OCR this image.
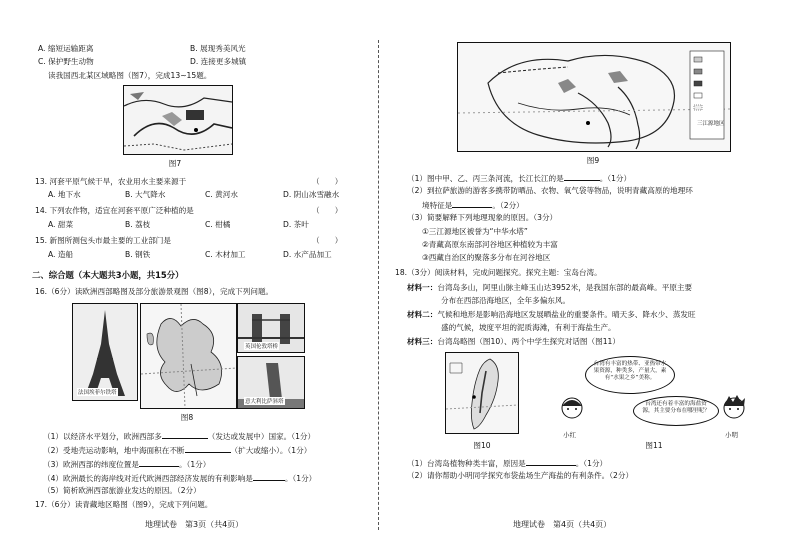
A. 缩短运输距离	B. 展现秀美风光
C. 保护野生动物	D. 连接更多城镇
读我国西北某区域略图（图7），完成13~15题。
图7
13. 河套平原气候干旱，农业用水主要来源于	（　　）
A. 地下水	B. 大气降水	C. 黄河水	D. 阴山冰雪融水
14. 下列农作物，适宜在河套平原广泛种植的是	（　　）
A. 甜菜	B. 荔枝	C. 柑橘	D. 茶叶
15. 新图所测包头市最主要的工业部门是	（　　）
A. 造船	B. 钢铁	C. 木材加工	D. 水产品加工
二、综合题（本大题共3小题，共15分）
16.（6分）读欧洲西部略图及部分旅游景观图（图8），完成下列问题。
法国埃菲尔铁塔
英国伦敦塔桥
意大利比萨斜塔
图8
（1）以经济水平划分，欧洲西部多	（发达或发展中）国家。（1分）
（2）受地壳运动影响，地中海面积在不断	（扩大或缩小）。（1分）
（3）欧洲西部的纬度位置是	。（1分）
（4）欧洲最长的海岸线对近代欧洲西部经济发展的有利影响是	。（1分）
（5）简析欧洲西部旅游业发达的原因。（2分）
17.（6分）读青藏地区略图（图9），完成下列问题。
地理试卷　第3页（共4页）
三江源地区
图9
（1）图中甲、乙、丙三条河流，长江长江的是	。（1分）
（2）到拉萨旅游的游客多携带防晒品、衣物、氧气袋等物品，说明青藏高原的地理环
境特征是	。（2分）
（3）简要解释下列地理现象的原因。（3分）
①三江源地区被誉为“中华水塔”
②青藏高原东南部河谷地区种植较为丰富
③西藏自治区的聚落多分布在河谷地区
18.（3分）阅读材料，完成问题探究。探究主题：宝岛台湾。
材料一：台湾岛多山，阿里山脉主峰玉山达3952米，是我国东部的最高峰。平原主要
分布在西部沿海地区，全年多偏东风。
材料二：气候和地形是影响沿海地区发展晒盐业的重要条件。晴天多、降水少、蒸发旺
盛的气候，坡度平坦的泥质海滩，有利于海盐生产。
材料三：台湾岛略图（图10）、两个中学生探究对话图（图11）
图10
台湾有丰富的热带、亚热带水果资源，种类多，产量大，素有“水果之乡”美称。
台湾还有着丰富的海盐资源，其主要分布在哪里呢？
小红	小明
图11
（1）台湾岛植物种类丰富，原因是	。（1分）
（2）请你帮助小明同学探究布袋盐场生产海盐的有利条件。（2分）
地理试卷　第4页（共4页）
